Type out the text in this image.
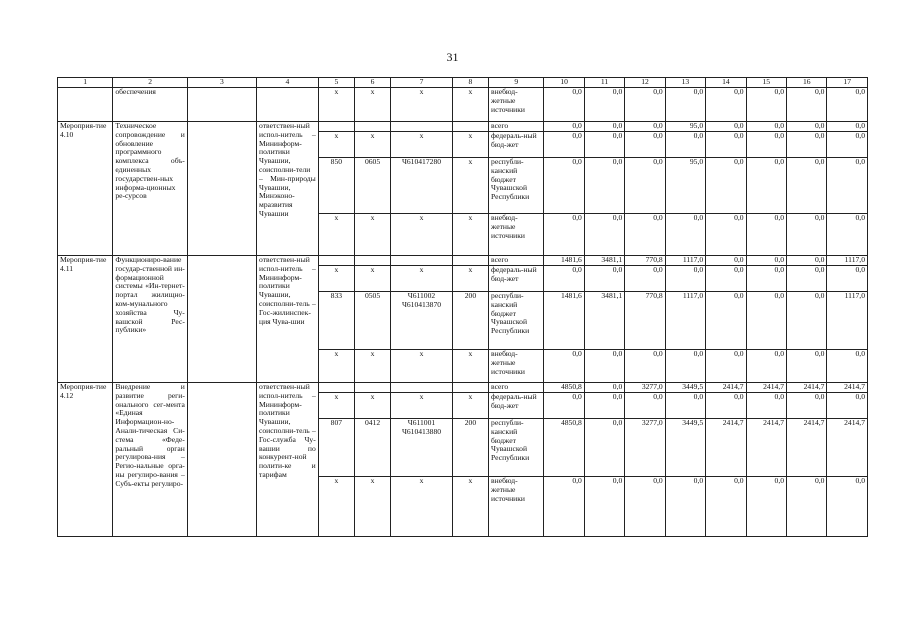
31
1	2	3	4	5	6	7	8	9	10	11	12	13	14	15	16	17
	обеспечения			x	x	x	x	внебюд-жетные источники	0,0	0,0	0,0	0,0	0,0	0,0	0,0	0,0
Мероприя-тие 4.10	Техническое сопровождение и обновление программного комплекса объ-единенных государствен-ных информа-ционных ре-сурсов		ответствен-ный испол-нитель – Мининформ-политики Чувашии, соисполни-тели – Мин-природы Чувашии, Минэконо-мразвития Чувашии					всего	0,0	0,0	0,0	95,0	0,0	0,0	0,0	0,0
				x	x	x	x	федераль-ный бюд-жет	0,0	0,0	0,0	0,0	0,0	0,0	0,0	0,0
				850	0605	Ч610417280	x	республи-канский бюджет Чувашской Республики	0,0	0,0	0,0	95,0	0,0	0,0	0,0	0,0
				x	x	x	x	внебюд-жетные источники	0,0	0,0	0,0	0,0	0,0	0,0	0,0	0,0
Мероприя-тие 4.11	Функциониро-вание государ-ственной ин-формационной системы «Ин-тернет-портал жилищно-ком-мунального хозяйства Чу-вашской Рес-публики»		ответствен-ный испол-нитель – Мининформ-политики Чувашии, соисполни-тель – Гос-жилинспек-ция Чува-шии					всего	1481,6	3481,1	770,8	1117,0	0,0	0,0	0,0	1117,0
				x	x	x	x	федераль-ный бюд-жет	0,0	0,0	0,0	0,0	0,0	0,0	0,0	0,0
				833	0505	Ч611002 Ч610413870	200	республи-канский бюджет Чувашской Республики	1481,6	3481,1	770,8	1117,0	0,0	0,0	0,0	1117,0
				x	x	x	x	внебюд-жетные источники	0,0	0,0	0,0	0,0	0,0	0,0	0,0	0,0
Мероприя-тие 4.12	Внедрение и развитие реги-онального сег-мента «Единая Информацион-но-Анали-тическая Си-стема «Феде-ральный орган регулирова-ния – Регио-нальные орга-ны регулиро-вания – Субъ-екты регулиро-		ответствен-ный испол-нитель – Мининформ-политики Чувашии, соисполни-тель – Гос-служба Чу-вашии по конкурент-ной полити-ке и тарифам					всего	4850,8	0,0	3277,0	3449,5	2414,7	2414,7	2414,7	2414,7
				x	x	x	x	федераль-ный бюд-жет	0,0	0,0	0,0	0,0	0,0	0,0	0,0	0,0
				807	0412	Ч611001 Ч610413880	200	республи-канский бюджет Чувашской Республики	4850,8	0,0	3277,0	3449,5	2414,7	2414,7	2414,7	2414,7
				x	x	x	x	внебюд-жетные источники	0,0	0,0	0,0	0,0	0,0	0,0	0,0	0,0
